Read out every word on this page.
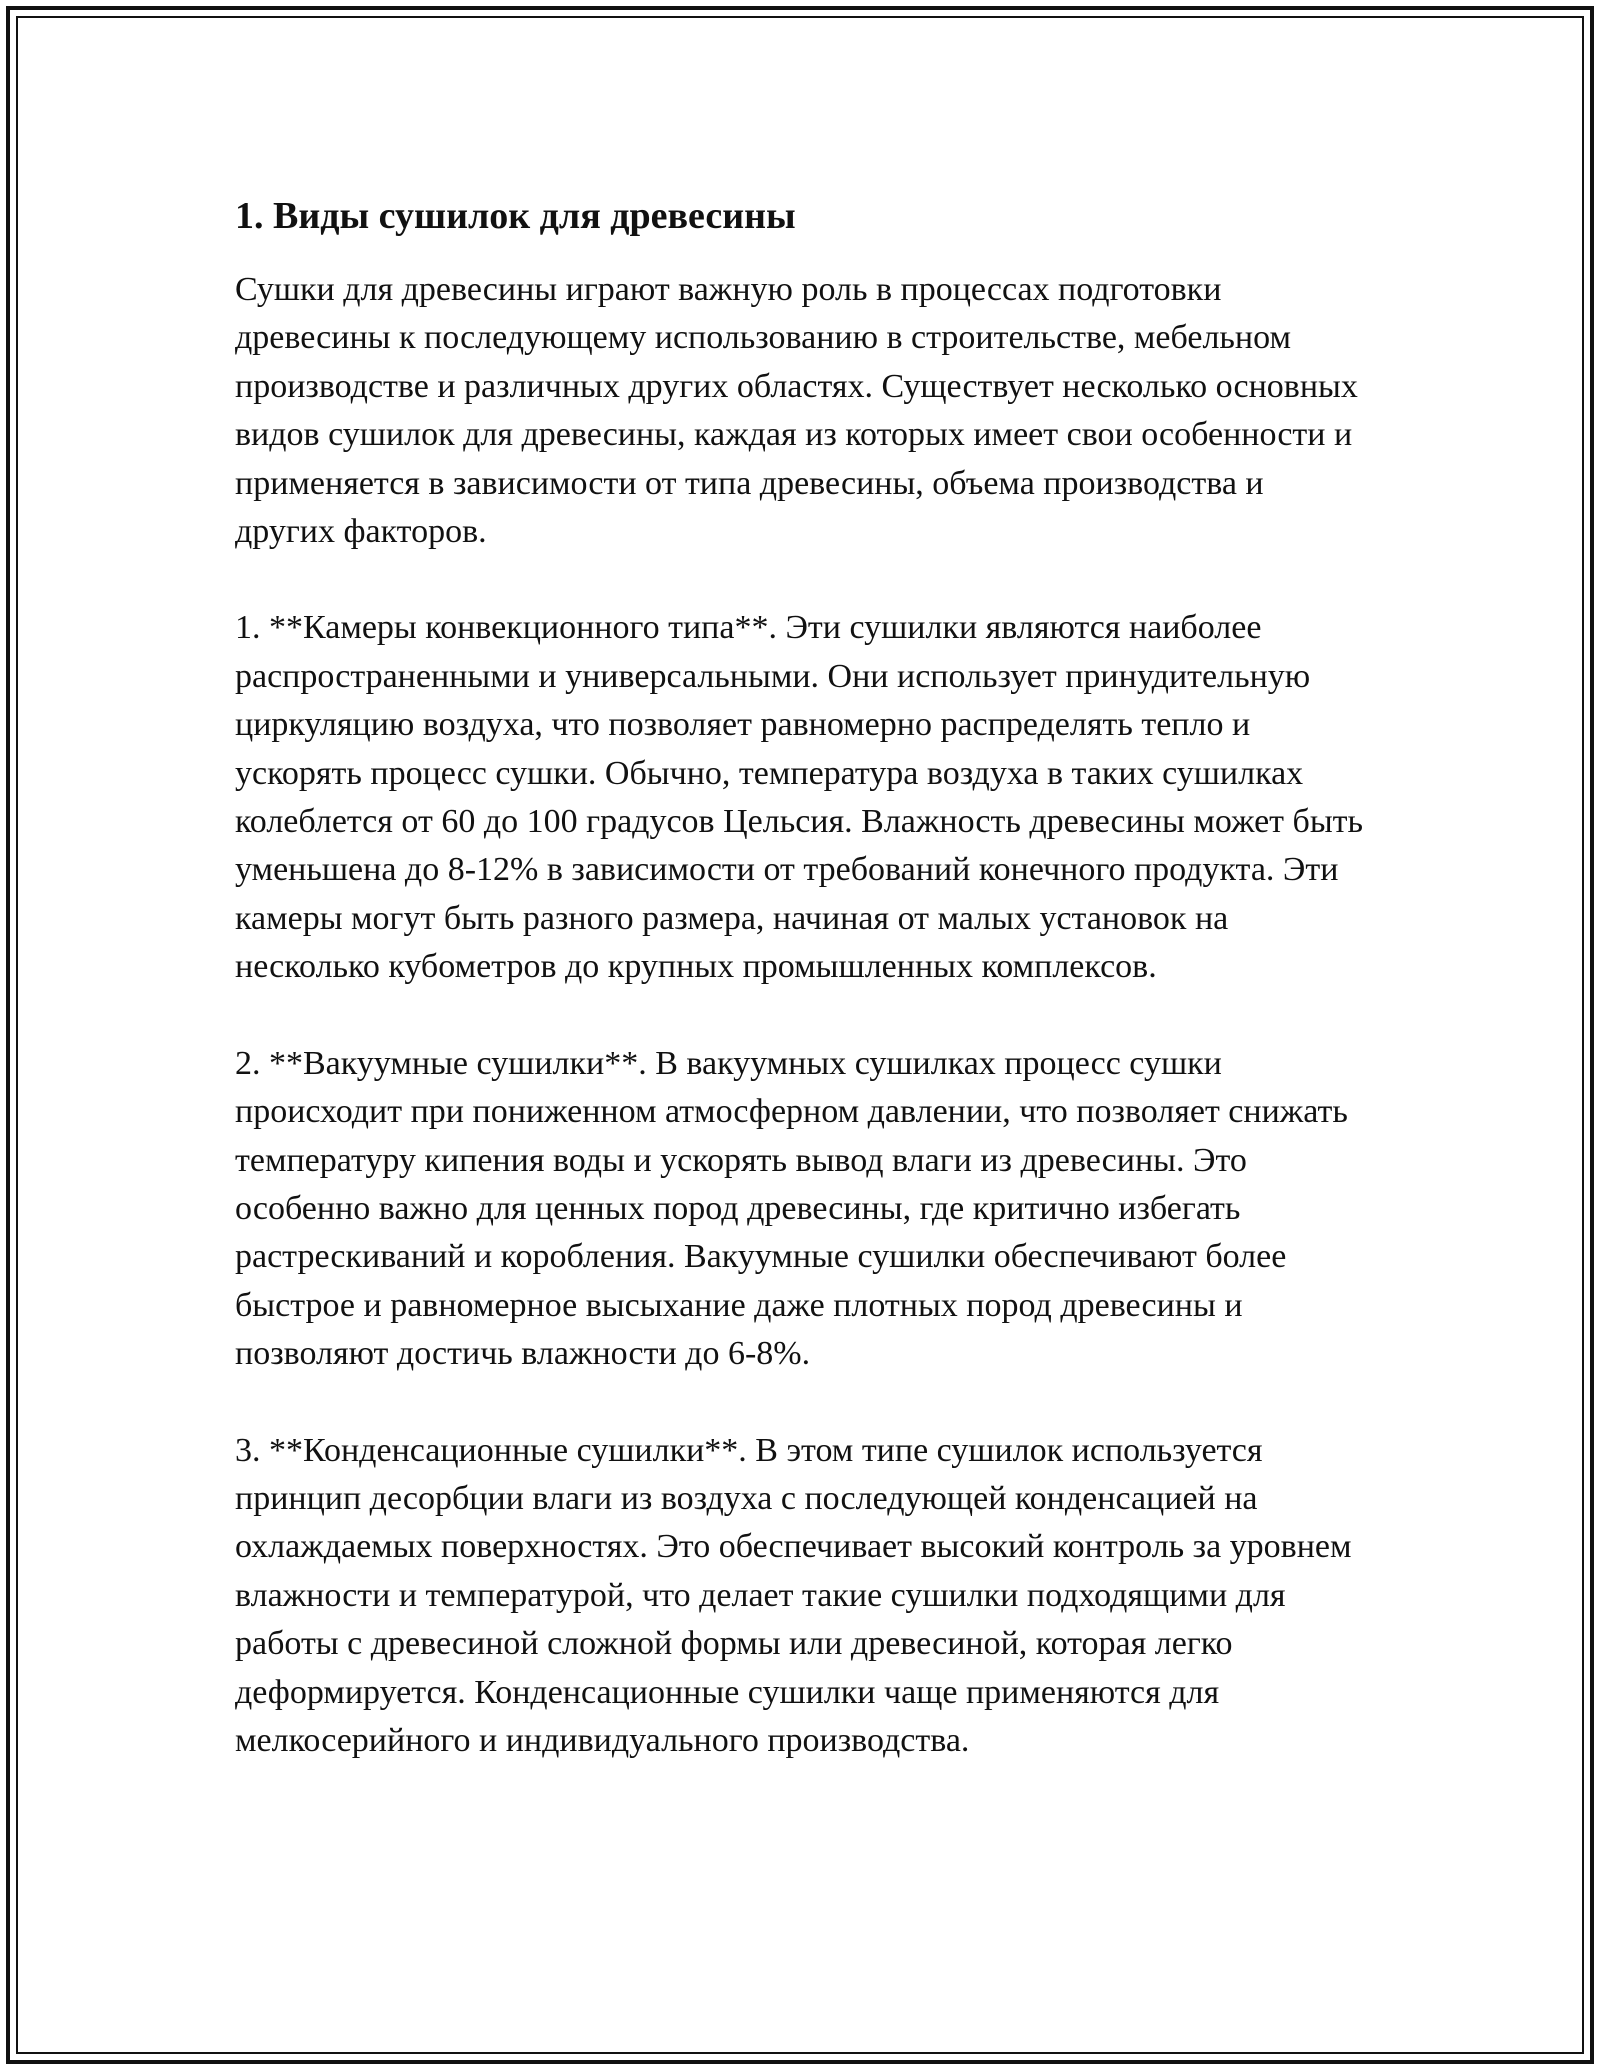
1. Виды сушилок для древесины

Сушки для древесины играют важную роль в процессах подготовки древесины к последующему использованию в строительстве, мебельном производстве и различных других областях. Существует несколько основных видов сушилок для древесины, каждая из которых имеет свои особенности и применяется в зависимости от типа древесины, объема производства и других факторов.

1. **Камеры конвекционного типа**. Эти сушилки являются наиболее распространенными и универсальными. Они использует принудительную циркуляцию воздуха, что позволяет равномерно распределять тепло и ускорять процесс сушки. Обычно, температура воздуха в таких сушилках колеблется от 60 до 100 градусов Цельсия. Влажность древесины может быть уменьшена до 8-12% в зависимости от требований конечного продукта. Эти камеры могут быть разного размера, начиная от малых установок на несколько кубометров до крупных промышленных комплексов.

2. **Вакуумные сушилки**. В вакуумных сушилках процесс сушки происходит при пониженном атмосферном давлении, что позволяет снижать температуру кипения воды и ускорять вывод влаги из древесины. Это особенно важно для ценных пород древесины, где критично избегать растрескиваний и коробления. Вакуумные сушилки обеспечивают более быстрое и равномерное высыхание даже плотных пород древесины и позволяют достичь влажности до 6-8%.

3. **Конденсационные сушилки**. В этом типе сушилок используется принцип десорбции влаги из воздуха с последующей конденсацией на охлаждаемых поверхностях. Это обеспечивает высокий контроль за уровнем влажности и температурой, что делает такие сушилки подходящими для работы с древесиной сложной формы или древесиной, которая легко деформируется. Конденсационные сушилки чаще применяются для мелкосерийного и индивидуального производства.
